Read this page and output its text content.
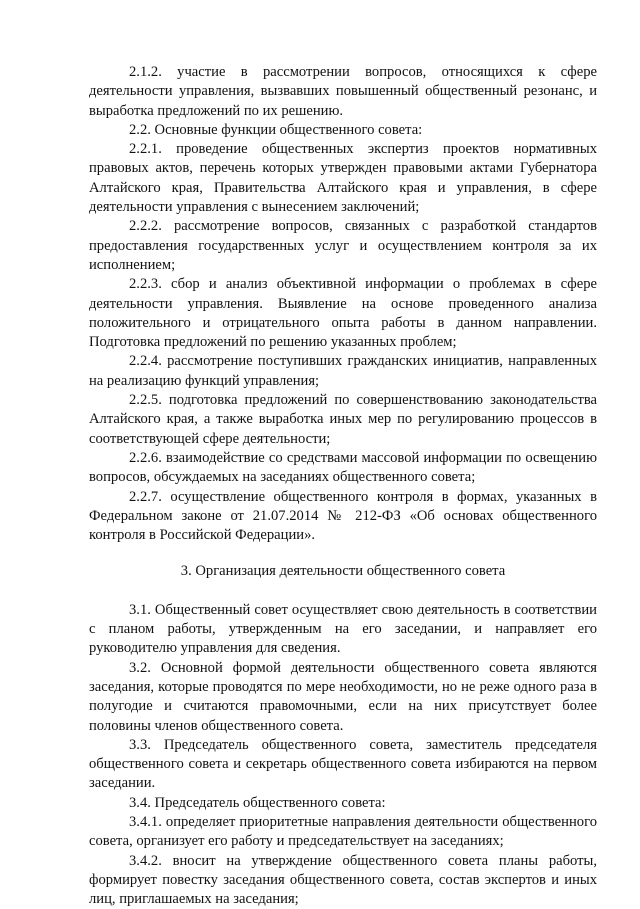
2.1.2. участие в рассмотрении вопросов, относящихся к сфере деятельности управления, вызвавших повышенный общественный резонанс, и выработка предложений по их решению.

2.2. Основные функции общественного совета:

2.2.1. проведение общественных экспертиз проектов нормативных правовых актов, перечень которых утвержден правовыми актами Губернатора Алтайского края, Правительства Алтайского края и управления, в сфере деятельности управления с вынесением заключений;

2.2.2. рассмотрение вопросов, связанных с разработкой стандартов предоставления государственных услуг и осуществлением контроля за их исполнением;

2.2.3. сбор и анализ объективной информации о проблемах в сфере деятельности управления. Выявление на основе проведенного анализа положительного и отрицательного опыта работы в данном направлении. Подготовка предложений по решению указанных проблем;

2.2.4. рассмотрение поступивших гражданских инициатив, направленных на реализацию функций управления;

2.2.5. подготовка предложений по совершенствованию законодательства Алтайского края, а также выработка иных мер по регулированию процессов в соответствующей сфере деятельности;

2.2.6. взаимодействие со средствами массовой информации по освещению вопросов, обсуждаемых на заседаниях общественного совета;

2.2.7. осуществление общественного контроля в формах, указанных в Федеральном законе от 21.07.2014 № 212-ФЗ «Об основах общественного контроля в Российской Федерации».

3. Организация деятельности общественного совета

3.1. Общественный совет осуществляет свою деятельность в соответствии с планом работы, утвержденным на его заседании, и направляет его руководителю управления для сведения.

3.2. Основной формой деятельности общественного совета являются заседания, которые проводятся по мере необходимости, но не реже одного раза в полугодие и считаются правомочными, если на них присутствует более половины членов общественного совета.

3.3. Председатель общественного совета, заместитель председателя общественного совета и секретарь общественного совета избираются на первом заседании.

3.4. Председатель общественного совета:

3.4.1. определяет приоритетные направления деятельности общественного совета, организует его работу и председательствует на заседаниях;

3.4.2. вносит на утверждение общественного совета планы работы, формирует повестку заседания общественного совета, состав экспертов и иных лиц, приглашаемых на заседания;
